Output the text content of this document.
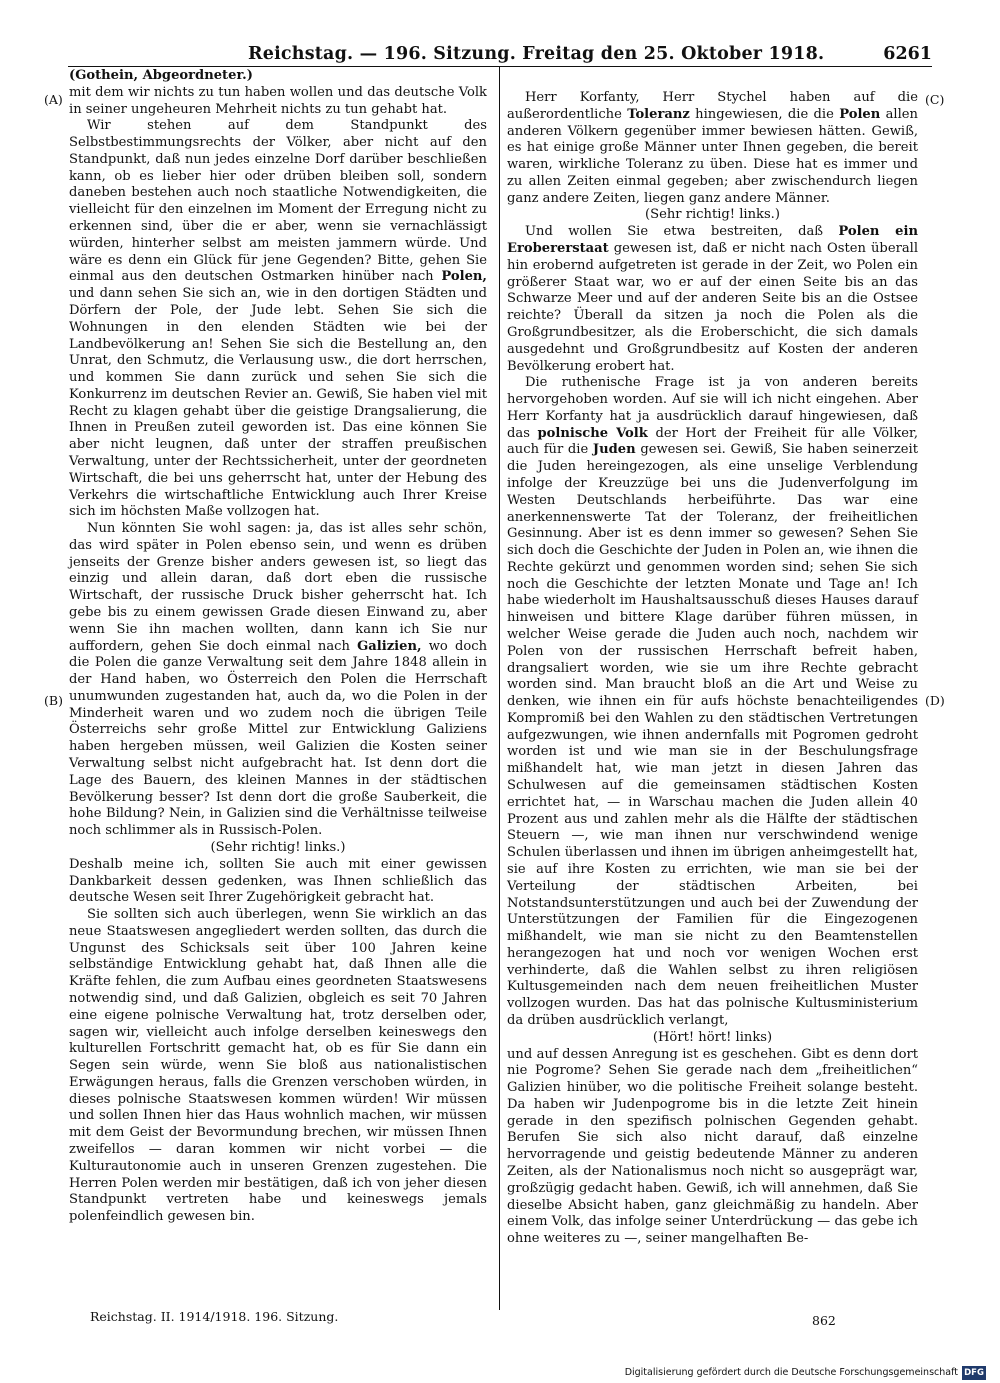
Reichstag. — 196. Sitzung. Freitag den 25. Oktober 1918.	6261
(A)
(B)
(C)
(D)

(Gothein, Abgeordneter.)

mit dem wir nichts zu tun haben wollen und das deutsche Volk in seiner ungeheuren Mehrheit nichts zu tun gehabt hat.

Wir stehen auf dem Standpunkt des Selbstbestimmungsrechts der Völker, aber nicht auf den Standpunkt, daß nun jedes einzelne Dorf darüber beschließen kann, ob es lieber hier oder drüben bleiben soll, sondern daneben bestehen auch noch staatliche Notwendigkeiten, die vielleicht für den einzelnen im Moment der Erregung nicht zu erkennen sind, über die er aber, wenn sie vernachlässigt würden, hinterher selbst am meisten jammern würde. Und wäre es denn ein Glück für jene Gegenden? Bitte, gehen Sie einmal aus den deutschen Ostmarken hinüber nach Polen, und dann sehen Sie sich an, wie in den dortigen Städten und Dörfern der Pole, der Jude lebt. Sehen Sie sich die Wohnungen in den elenden Städten wie bei der Landbevölkerung an! Sehen Sie sich die Bestellung an, den Unrat, den Schmutz, die Verlausung usw., die dort herrschen, und kommen Sie dann zurück und sehen Sie sich die Konkurrenz im deutschen Revier an. Gewiß, Sie haben viel mit Recht zu klagen gehabt über die geistige Drangsalierung, die Ihnen in Preußen zuteil geworden ist. Das eine können Sie aber nicht leugnen, daß unter der straffen preußischen Verwaltung, unter der Rechtssicherheit, unter der geordneten Wirtschaft, die bei uns geherrscht hat, unter der Hebung des Verkehrs die wirtschaftliche Entwicklung auch Ihrer Kreise sich im höchsten Maße vollzogen hat.

Nun könnten Sie wohl sagen: ja, das ist alles sehr schön, das wird später in Polen ebenso sein, und wenn es drüben jenseits der Grenze bisher anders gewesen ist, so liegt das einzig und allein daran, daß dort eben die russische Wirtschaft, der russische Druck bisher geherrscht hat. Ich gebe bis zu einem gewissen Grade diesen Einwand zu, aber wenn Sie ihn machen wollten, dann kann ich Sie nur auffordern, gehen Sie doch einmal nach Galizien, wo doch die Polen die ganze Verwaltung seit dem Jahre 1848 allein in der Hand haben, wo Österreich den Polen die Herrschaft unumwunden zugestanden hat, auch da, wo die Polen in der Minderheit waren und wo zudem noch die übrigen Teile Österreichs sehr große Mittel zur Entwicklung Galiziens haben hergeben müssen, weil Galizien die Kosten seiner Verwaltung selbst nicht aufgebracht hat. Ist denn dort die Lage des Bauern, des kleinen Mannes in der städtischen Bevölkerung besser? Ist denn dort die große Sauberkeit, die hohe Bildung? Nein, in Galizien sind die Verhältnisse teilweise noch schlimmer als in Russisch-Polen.

(Sehr richtig! links.)

Deshalb meine ich, sollten Sie auch mit einer gewissen Dankbarkeit dessen gedenken, was Ihnen schließlich das deutsche Wesen seit Ihrer Zugehörigkeit gebracht hat.

Sie sollten sich auch überlegen, wenn Sie wirklich an das neue Staatswesen angegliedert werden sollten, das durch die Ungunst des Schicksals seit über 100 Jahren keine selbständige Entwicklung gehabt hat, daß Ihnen alle die Kräfte fehlen, die zum Aufbau eines geordneten Staatswesens notwendig sind, und daß Galizien, obgleich es seit 70 Jahren eine eigene polnische Verwaltung hat, trotz derselben oder, sagen wir, vielleicht auch infolge derselben keineswegs den kulturellen Fortschritt gemacht hat, ob es für Sie dann ein Segen sein würde, wenn Sie bloß aus nationalistischen Erwägungen heraus, falls die Grenzen verschoben würden, in dieses polnische Staatswesen kommen würden! Wir müssen und sollen Ihnen hier das Haus wohnlich machen, wir müssen mit dem Geist der Bevormundung brechen, wir müssen Ihnen zweifellos — daran kommen wir nicht vorbei — die Kulturautonomie auch in unseren Grenzen zugestehen. Die Herren Polen werden mir bestätigen, daß ich von jeher diesen Standpunkt vertreten habe und keineswegs jemals polenfeindlich gewesen bin.

Herr Korfanty, Herr Stychel haben auf die außerordentliche Toleranz hingewiesen, die die Polen allen anderen Völkern gegenüber immer bewiesen hätten. Gewiß, es hat einige große Männer unter Ihnen gegeben, die bereit waren, wirkliche Toleranz zu üben. Diese hat es immer und zu allen Zeiten einmal gegeben; aber zwischendurch liegen ganz andere Zeiten, liegen ganz andere Männer.

(Sehr richtig! links.)

Und wollen Sie etwa bestreiten, daß Polen ein Erobererstaat gewesen ist, daß er nicht nach Osten überall hin erobernd aufgetreten ist gerade in der Zeit, wo Polen ein größerer Staat war, wo er auf der einen Seite bis an das Schwarze Meer und auf der anderen Seite bis an die Ostsee reichte? Überall da sitzen ja noch die Polen als die Großgrundbesitzer, als die Eroberschicht, die sich damals ausgedehnt und Großgrundbesitz auf Kosten der anderen Bevölkerung erobert hat.

Die ruthenische Frage ist ja von anderen bereits hervorgehoben worden. Auf sie will ich nicht eingehen. Aber Herr Korfanty hat ja ausdrücklich darauf hingewiesen, daß das polnische Volk der Hort der Freiheit für alle Völker, auch für die Juden gewesen sei. Gewiß, Sie haben seinerzeit die Juden hereingezogen, als eine unselige Verblendung infolge der Kreuzzüge bei uns die Judenverfolgung im Westen Deutschlands herbeiführte. Das war eine anerkennenswerte Tat der Toleranz, der freiheitlichen Gesinnung. Aber ist es denn immer so gewesen? Sehen Sie sich doch die Geschichte der Juden in Polen an, wie ihnen die Rechte gekürzt und genommen worden sind; sehen Sie sich noch die Geschichte der letzten Monate und Tage an! Ich habe wiederholt im Haushaltsausschuß dieses Hauses darauf hinweisen und bittere Klage darüber führen müssen, in welcher Weise gerade die Juden auch noch, nachdem wir Polen von der russischen Herrschaft befreit haben, drangsaliert worden, wie sie um ihre Rechte gebracht worden sind. Man braucht bloß an die Art und Weise zu denken, wie ihnen ein für aufs höchste benachteiligendes Kompromiß bei den Wahlen zu den städtischen Vertretungen aufgezwungen, wie ihnen andernfalls mit Pogromen gedroht worden ist und wie man sie in der Beschulungsfrage mißhandelt hat, wie man jetzt in diesen Jahren das Schulwesen auf die gemeinsamen städtischen Kosten errichtet hat, — in Warschau machen die Juden allein 40 Prozent aus und zahlen mehr als die Hälfte der städtischen Steuern —, wie man ihnen nur verschwindend wenige Schulen überlassen und ihnen im übrigen anheimgestellt hat, sie auf ihre Kosten zu errichten, wie man sie bei der Verteilung der städtischen Arbeiten, bei Notstandsunterstützungen und auch bei der Zuwendung der Unterstützungen der Familien für die Eingezogenen mißhandelt, wie man sie nicht zu den Beamtenstellen herangezogen hat und noch vor wenigen Wochen erst verhinderte, daß die Wahlen selbst zu ihren religiösen Kultusgemeinden nach dem neuen freiheitlichen Muster vollzogen wurden. Das hat das polnische Kultusministerium da drüben ausdrücklich verlangt,

(Hört! hört! links)

und auf dessen Anregung ist es geschehen. Gibt es denn dort nie Pogrome? Sehen Sie gerade nach dem „freiheitlichen“ Galizien hinüber, wo die politische Freiheit solange besteht. Da haben wir Judenpogrome bis in die letzte Zeit hinein gerade in den spezifisch polnischen Gegenden gehabt. Berufen Sie sich also nicht darauf, daß einzelne hervorragende und geistig bedeutende Männer zu anderen Zeiten, als der Nationalismus noch nicht so ausgeprägt war, großzügig gedacht haben. Gewiß, ich will annehmen, daß Sie dieselbe Absicht haben, ganz gleichmäßig zu handeln. Aber einem Volk, das infolge seiner Unterdrückung — das gebe ich ohne weiteres zu —, seiner mangelhaften Be-

Reichstag. II. 1914/1918. 196. Sitzung.	862
Digitalisierung gefördert durch die Deutsche Forschungsgemeinschaft DFG
